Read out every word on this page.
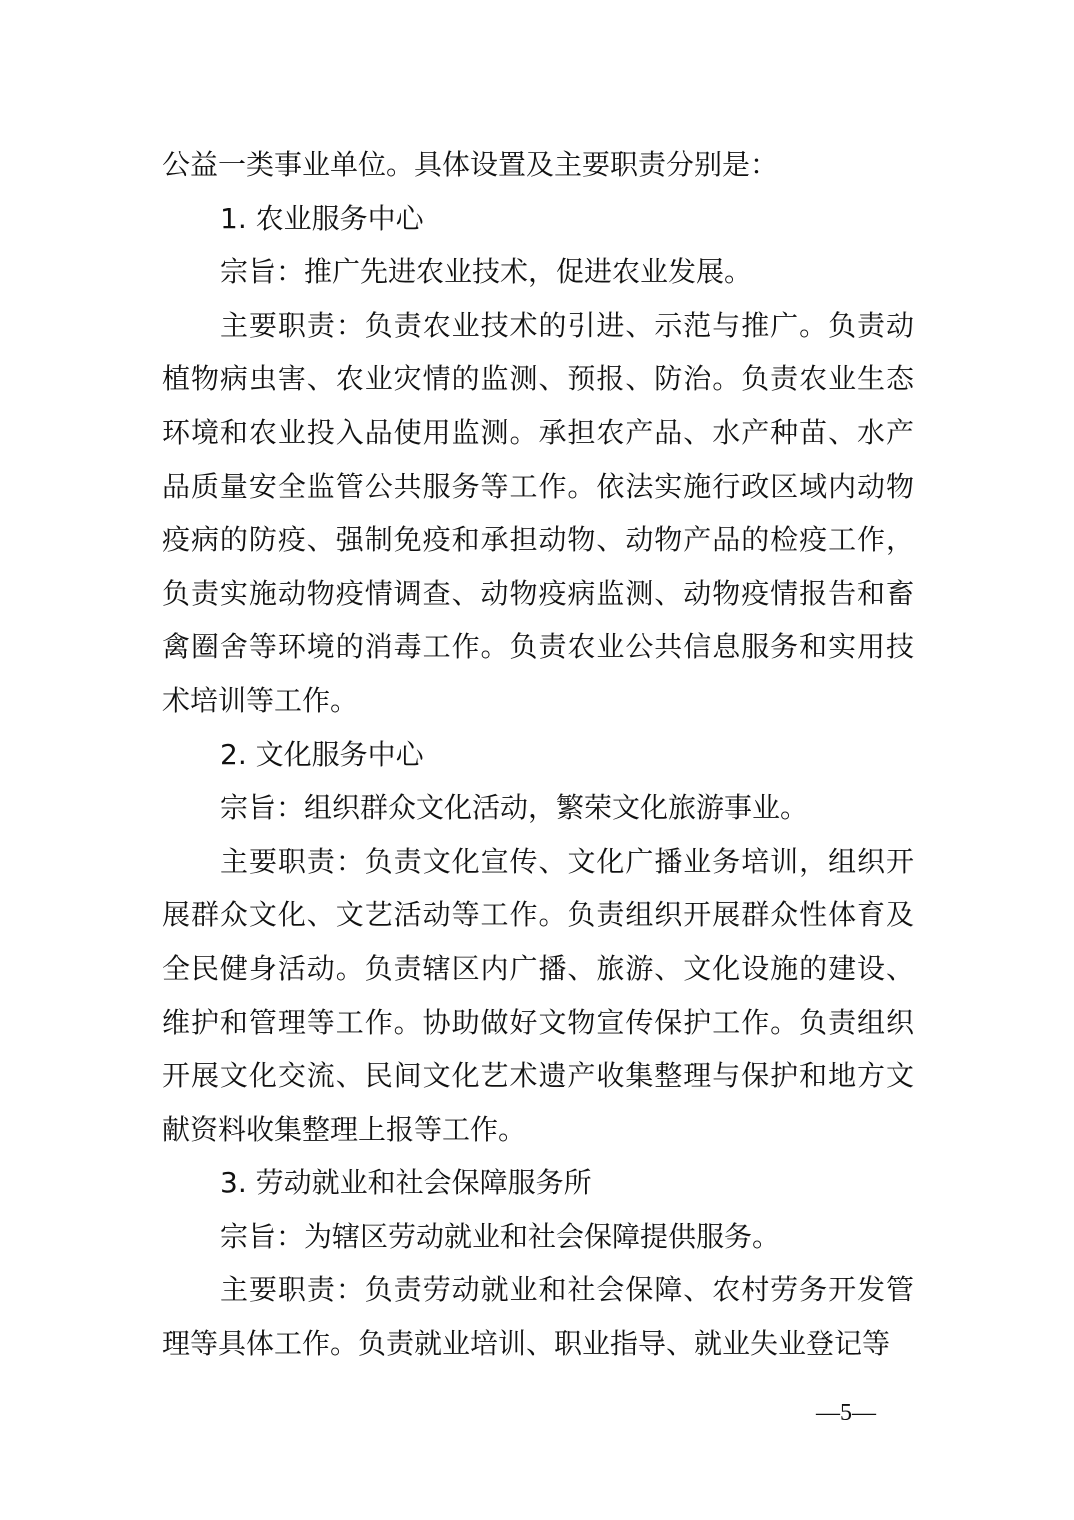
公益一类事业单位。具体设置及主要职责分别是：

1. 农业服务中心

宗旨：推广先进农业技术，促进农业发展。

主要职责：负责农业技术的引进、示范与推广。负责动植物病虫害、农业灾情的监测、预报、防治。负责农业生态环境和农业投入品使用监测。承担农产品、水产种苗、水产品质量安全监管公共服务等工作。依法实施行政区域内动物疫病的防疫、强制免疫和承担动物、动物产品的检疫工作，负责实施动物疫情调查、动物疫病监测、动物疫情报告和畜禽圈舍等环境的消毒工作。负责农业公共信息服务和实用技术培训等工作。

2. 文化服务中心

宗旨：组织群众文化活动，繁荣文化旅游事业。

主要职责：负责文化宣传、文化广播业务培训，组织开展群众文化、文艺活动等工作。负责组织开展群众性体育及全民健身活动。负责辖区内广播、旅游、文化设施的建设、维护和管理等工作。协助做好文物宣传保护工作。负责组织开展文化交流、民间文化艺术遗产收集整理与保护和地方文献资料收集整理上报等工作。

3. 劳动就业和社会保障服务所

宗旨：为辖区劳动就业和社会保障提供服务。

主要职责：负责劳动就业和社会保障、农村劳务开发管理等具体工作。负责就业培训、职业指导、就业失业登记等

—5—
